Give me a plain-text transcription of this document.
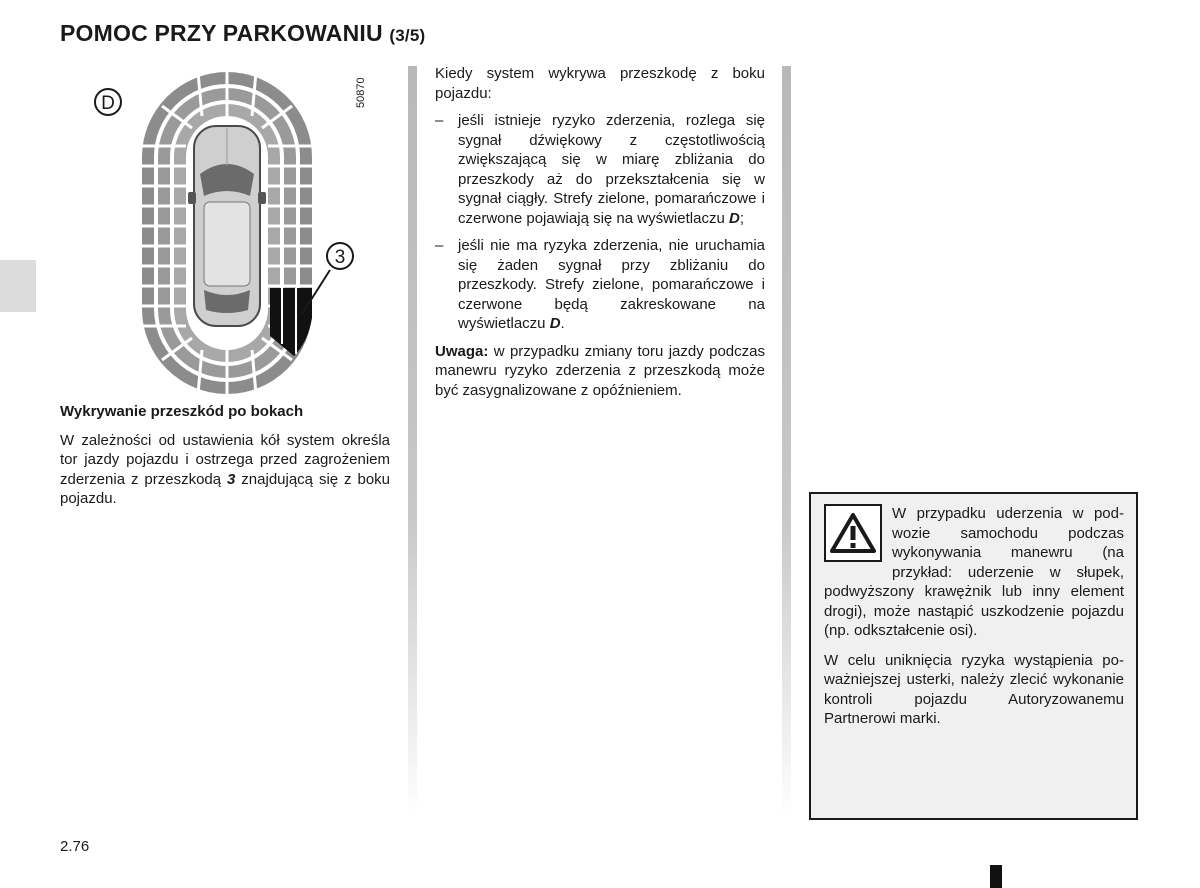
POMOC PRZY PARKOWANIU (3/5)
D
3
50870
Wykrywanie przeszkód po bokach

W zależności od ustawienia kół system określa tor jazdy pojazdu i ostrzega przed zagrożeniem zderzenia z przeszkodą 3 znajdującą się z boku pojazdu.

Kiedy system wykrywa przeszkodę z boku pojazdu:

– jeśli istnieje ryzyko zderzenia, rozlega się sygnał dźwiękowy z częstotliwością zwiększającą się w miarę zbliżania do przeszkody aż do przekształcenia się w sygnał ciągły. Strefy zielone, pomarańczowe i czerwone pojawiają się na wyświetlaczu D;
– jeśli nie ma ryzyka zderzenia, nie uruchamia się żaden sygnał przy zbliżaniu do przeszkody. Strefy zielone, pomarańczowe i czerwone będą zakreskowane na wyświetlaczu D.

Uwaga: w przypadku zmiany toru jazdy podczas manewru ryzyko zderzenia z przeszkodą może być zasygnalizowane z opóźnieniem.

W przypadku uderzenia w podwozie samochodu podczas wykonywania manewru (na przykład: uderzenie w słupek, podwyższony krawężnik lub inny element drogi), może nastąpić uszkodzenie pojazdu (np. odkształcenie osi).

W celu uniknięcia ryzyka wystąpienia poważniejszej usterki, należy zlecić wykonanie kontroli pojazdu Autoryzowanemu Partnerowi marki.

2.76
